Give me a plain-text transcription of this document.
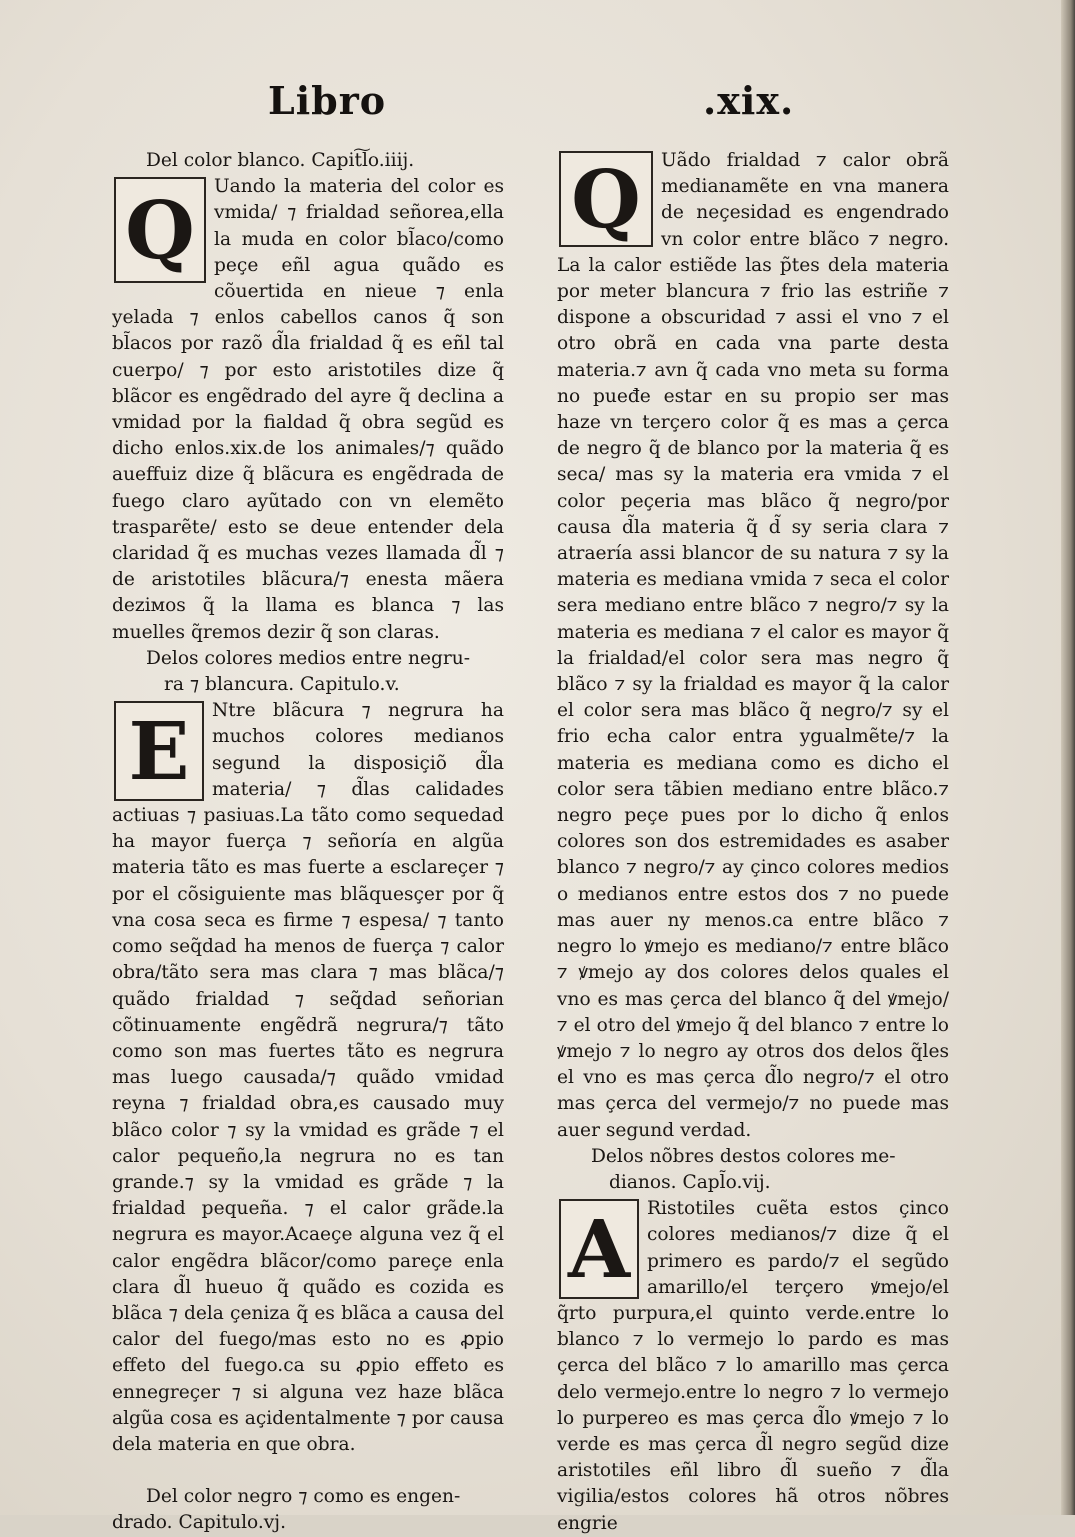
Libro	.xix.

Del color blanco. Capit͠lo.iiij.

Q	Uando la materia del color es vmida/ ⁊ frialdad señorea,ella la muda en color bl̃aco/como peçe eñl agua quãdo es cõuertida en nieue ⁊ enla yelada ⁊ enlos cabellos canos q̃ son bl̃acos por razõ d̃la frialdad q̃ es eñl tal cuerpo/ ⁊ por esto aristotiles dize q̃ blãcor es engẽdrado del ayre q̃ declina a vmidad por la fialdad q̃ obra segũd es dicho enlos.xix.de los animales/⁊ quãdo aueffuiz dize q̃ blãcura es engẽdrada de fuego claro ayũtado con vn elemẽto trasparẽte/ esto se deue entender dela claridad q̃ es muchas vezes llamada d̃l ⁊ de aristotiles blãcura/⁊ enesta mãera deziмos q̃ la llama es blanca ⁊ las muelles q̃remos dezir q̃ son claras.

Delos colores medios entre negru-

ra ⁊ blancura. Capitulo.v.

E	Ntre blãcura ⁊ negrura ha muchos colores medianos segund la disposiçiõ d̃la materia/ ⁊ d̃las calidades actiuas ⁊ pasiuas.La tãto como sequedad ha mayor fuerça ⁊ señoría en algũa materia tãto es mas fuerte a esclareçer ⁊ por el cõsiguiente mas blãquesçer por q̃ vna cosa seca es firme ⁊ espesa/ ⁊ tanto como seq̃dad ha menos de fuerça ⁊ calor obra/tãto sera mas clara ⁊ mas blãca/⁊ quãdo frialdad ⁊ seq̃dad señorian cõtinuamente engẽdrã negrura/⁊ tãto como son mas fuertes tãto es negrura mas luego causada/⁊ quãdo vmidad reyna ⁊ frialdad obra,es causado muy blãco color ⁊ sy la vmidad es grãde ⁊ el calor pequeño,la negrura no es tan grande.⁊ sy la vmidad es grãde ⁊ la frialdad pequeña. ⁊ el calor grãde.la negrura es mayor.Acaeçe alguna vez q̃ el calor engẽdra blãcor/como pareçe enla clara d̃l hueuo q̃ quãdo es cozida es blãca ⁊ dela çeniza q̃ es blãca a causa del calor del fuego/mas esto no es ꝓpio effeto del fuego.ca su ꝓpio effeto es ennegreçer ⁊ si alguna vez haze blãca algũa cosa es açidentalmente ⁊ por causa dela materia en que obra.

Del color negro ⁊ como es engen-

drado. Capitulo.vj.

Q	Uãdo frialdad ⁊ calor obrã medianamẽte en vna manera de neçesidad es engendrado vn color entre blãco ⁊ negro. La la calor estiẽde las p̃tes dela materia por meter blancura ⁊ frio las estriñe ⁊ dispone a obscuridad ⁊ assi el vno ⁊ el otro obrã en cada vna parte desta materia.⁊ avn q̃ cada vno meta su forma no pueđe estar en su propio ser mas haze vn terçero color q̃ es mas a çerca de negro q̃ de blanco por la materia q̃ es seca/ mas sy la materia era vmida ⁊ el color peçeria mas blãco q̃ negro/por causa d̃la materia q̃ d̃ sy seria clara ⁊ atraería assi blancor de su natura ⁊ sy la materia es mediana vmida ⁊ seca el color sera mediano entre blãco ⁊ negro/⁊ sy la materia es mediana ⁊ el calor es mayor q̃ la frialdad/el color sera mas negro q̃ blãco ⁊ sy la frialdad es mayor q̃ la calor el color sera mas blãco q̃ negro/⁊ sy el frio echa calor entra ygualmẽte/⁊ la materia es mediana como es dicho el color sera tãbien mediano entre blãco.⁊ negro peçe pues por lo dicho q̃ enlos colores son dos estremidades es asaber blanco ⁊ negro/⁊ ay çinco colores medios o medianos entre estos dos ⁊ no puede mas auer ny menos.ca entre blãco ⁊ negro lo ꝟmejo es mediano/⁊ entre blãco ⁊ ꝟmejo ay dos colores delos quales el vno es mas çerca del blanco q̃ del ꝟmejo/⁊ el otro del ꝟmejo q̃ del blanco ⁊ entre lo ꝟmejo ⁊ lo negro ay otros dos delos q̃les el vno es mas çerca d̃lo negro/⁊ el otro mas çerca del vermejo/⁊ no puede mas auer segund verdad.

Delos nõbres destos colores me-

dianos. Capl̃o.vij.

A Ristotiles cuẽta estos çinco colores medianos/⁊ dize q̃ el primero es pardo/⁊ el segũdo amarillo/el terçero ꝟmejo/el q̃rto purpura,el quinto verde.entre lo blanco ⁊ lo vermejo lo pardo es mas çerca del blãco ⁊ lo amarillo mas çerca delo vermejo.entre lo negro ⁊ lo vermejo lo purpereo es mas çerca d̃lo ꝟmejo ⁊ lo verde es mas çerca d̃l negro segũd dize aristotiles eñl libro d̃l sueño ⁊ d̃la vigilia/estos colores hã otros nõbres engrie
